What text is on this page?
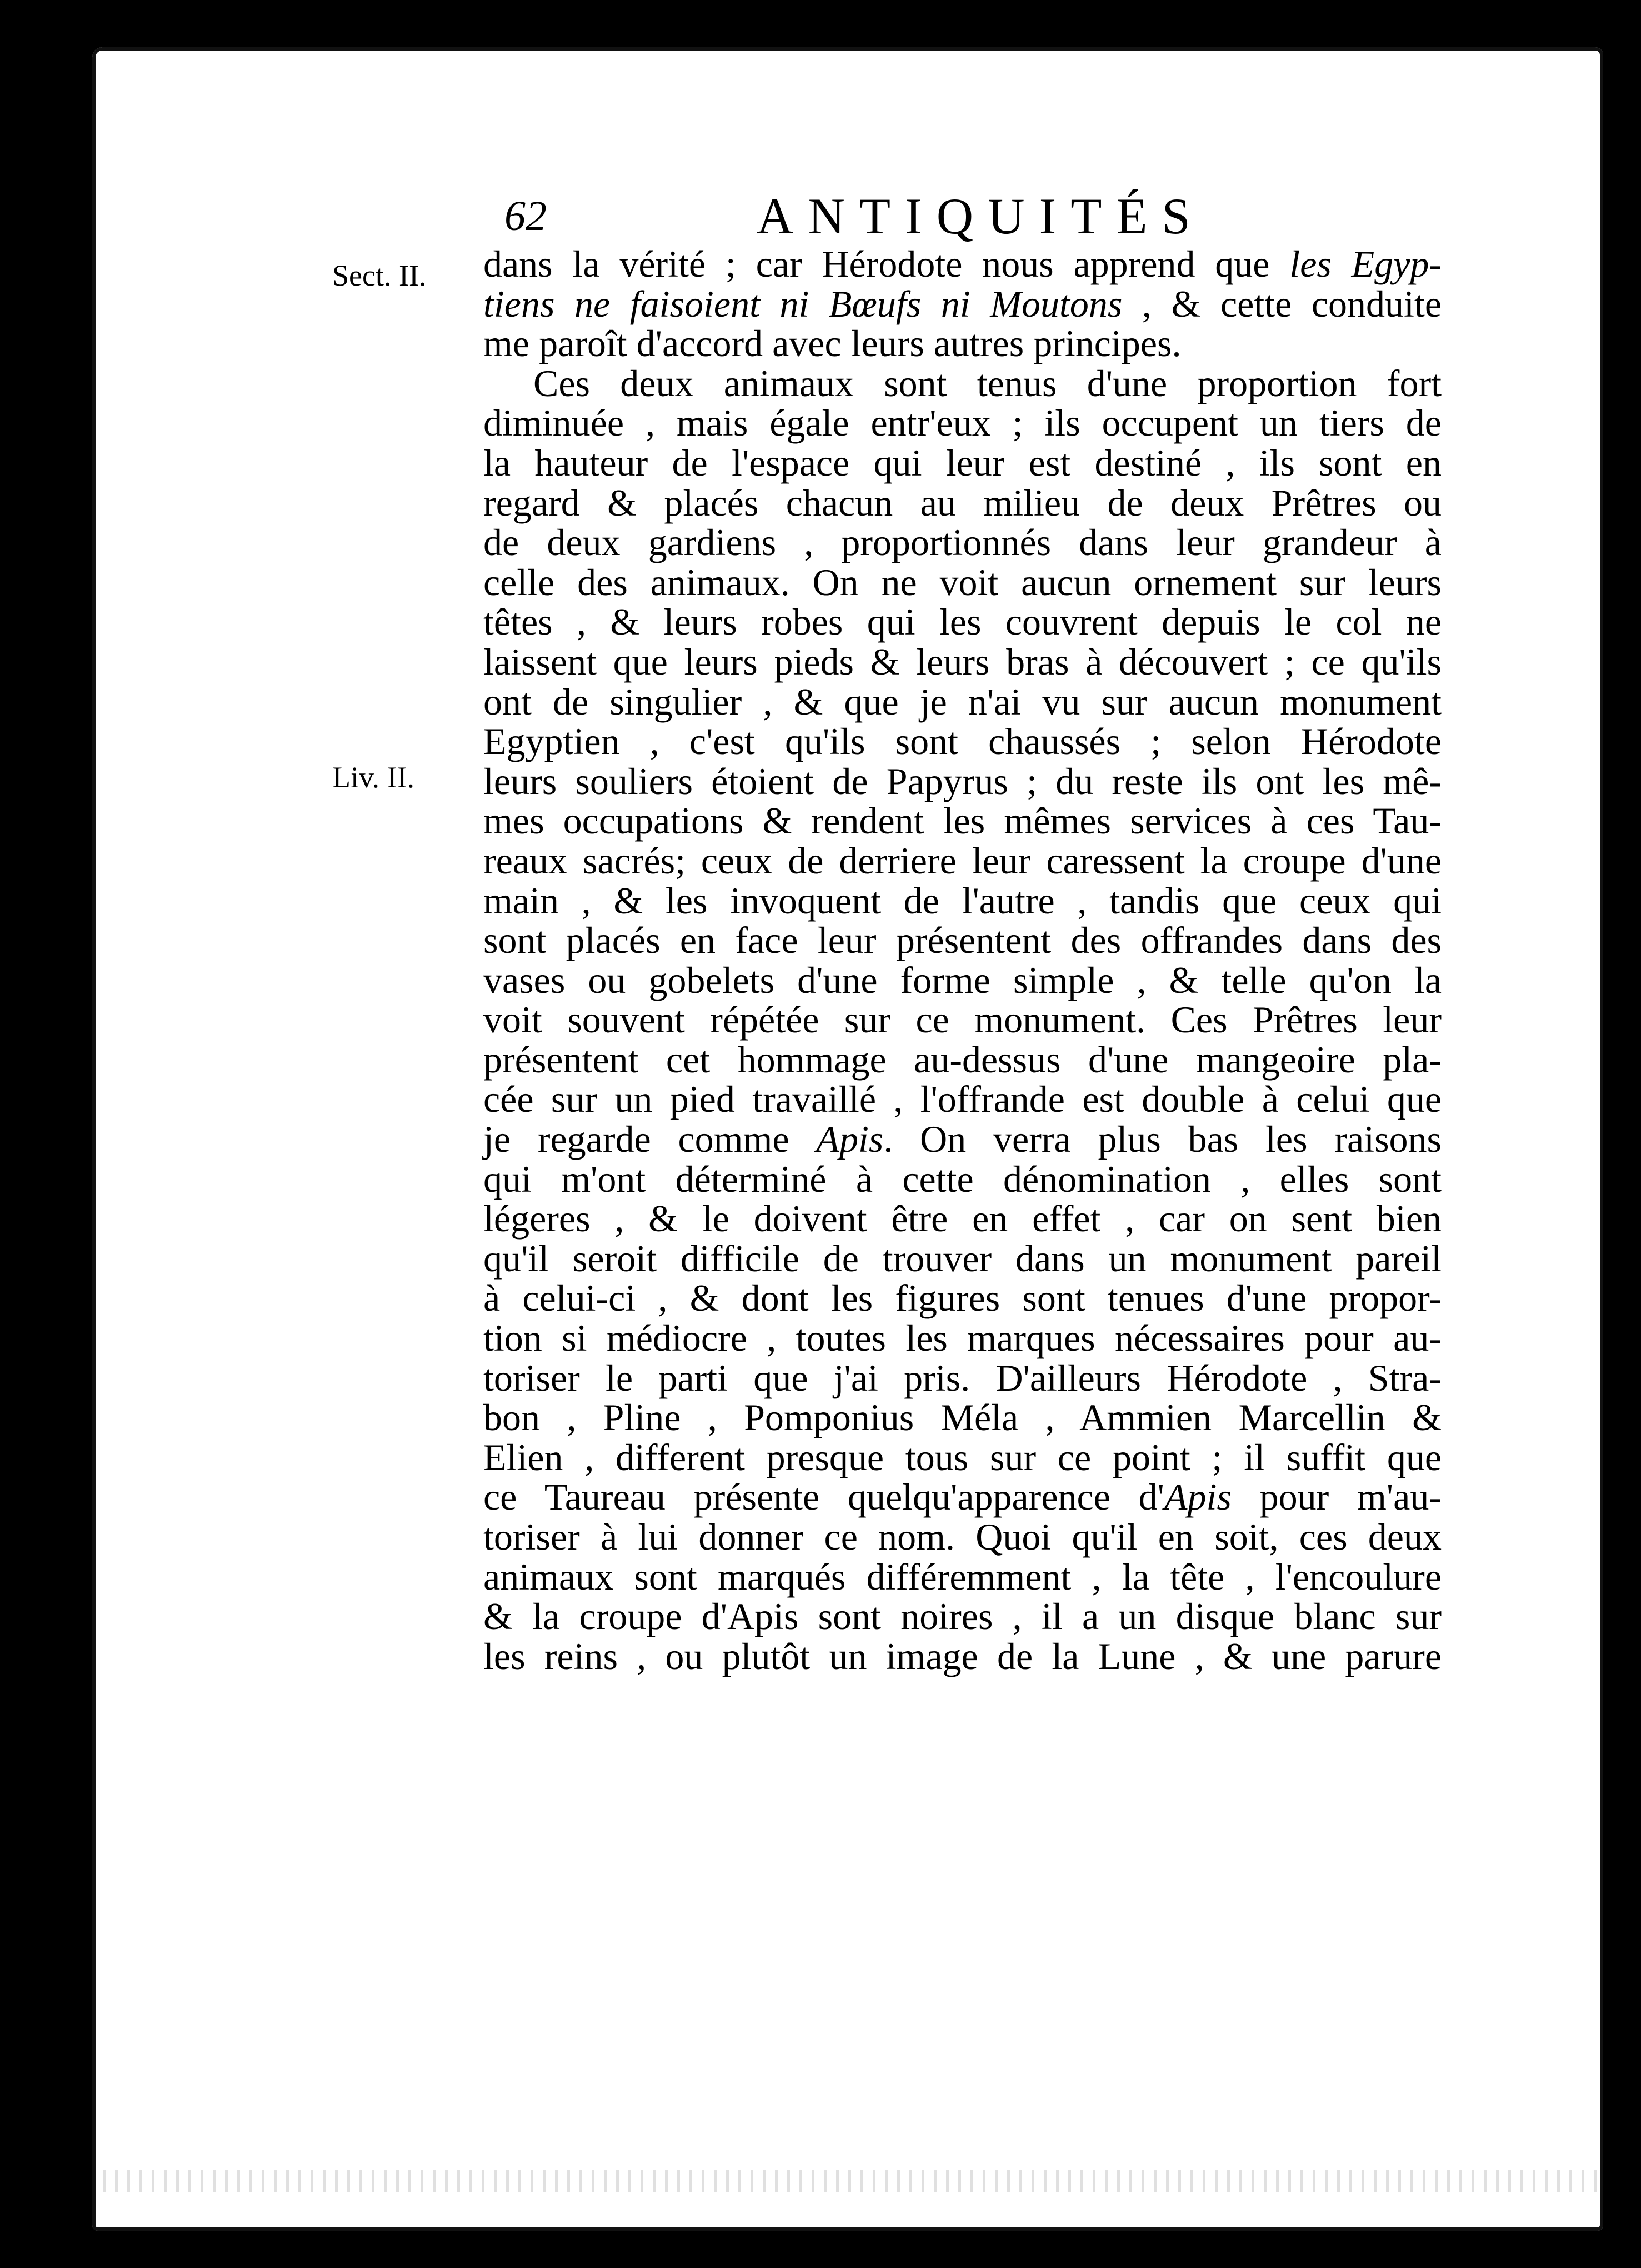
62	ANTIQUITÉS
Sect. II.
Liv. II.
dans la vérité ; car Hérodote nous apprend que les Egyp-
tiens ne faisoient ni Bœufs ni Moutons , & cette conduite
me paroît d'accord avec leurs autres principes.
Ces deux animaux sont tenus d'une proportion fort
diminuée , mais égale entr'eux ; ils occupent un tiers de
la hauteur de l'espace qui leur est destiné , ils sont en
regard & placés chacun au milieu de deux Prêtres ou
de deux gardiens , proportionnés dans leur grandeur à
celle des animaux. On ne voit aucun ornement sur leurs
têtes , & leurs robes qui les couvrent depuis le col ne
laissent que leurs pieds & leurs bras à découvert ; ce qu'ils
ont de singulier , & que je n'ai vu sur aucun monument
Egyptien , c'est qu'ils sont chaussés ; selon Hérodote
leurs souliers étoient de Papyrus ; du reste ils ont les mê-
mes occupations & rendent les mêmes services à ces Tau-
reaux sacrés; ceux de derriere leur caressent la croupe d'une
main , & les invoquent de l'autre , tandis que ceux qui
sont placés en face leur présentent des offrandes dans des
vases ou gobelets d'une forme simple , & telle qu'on la
voit souvent répétée sur ce monument. Ces Prêtres leur
présentent cet hommage au-dessus d'une mangeoire pla-
cée sur un pied travaillé , l'offrande est double à celui que
je regarde comme Apis. On verra plus bas les raisons
qui m'ont déterminé à cette dénomination , elles sont
légeres , & le doivent être en effet , car on sent bien
qu'il seroit difficile de trouver dans un monument pareil
à celui-ci , & dont les figures sont tenues d'une propor-
tion si médiocre , toutes les marques nécessaires pour au-
toriser le parti que j'ai pris. D'ailleurs Hérodote , Stra-
bon , Pline , Pomponius Méla , Ammien Marcellin &
Elien , different presque tous sur ce point ; il suffit que
ce Taureau présente quelqu'apparence d'Apis pour m'au-
toriser à lui donner ce nom. Quoi qu'il en soit, ces deux
animaux sont marqués différemment , la tête , l'encoulure
& la croupe d'Apis sont noires , il a un disque blanc sur
les reins , ou plutôt un image de la Lune , & une parure
